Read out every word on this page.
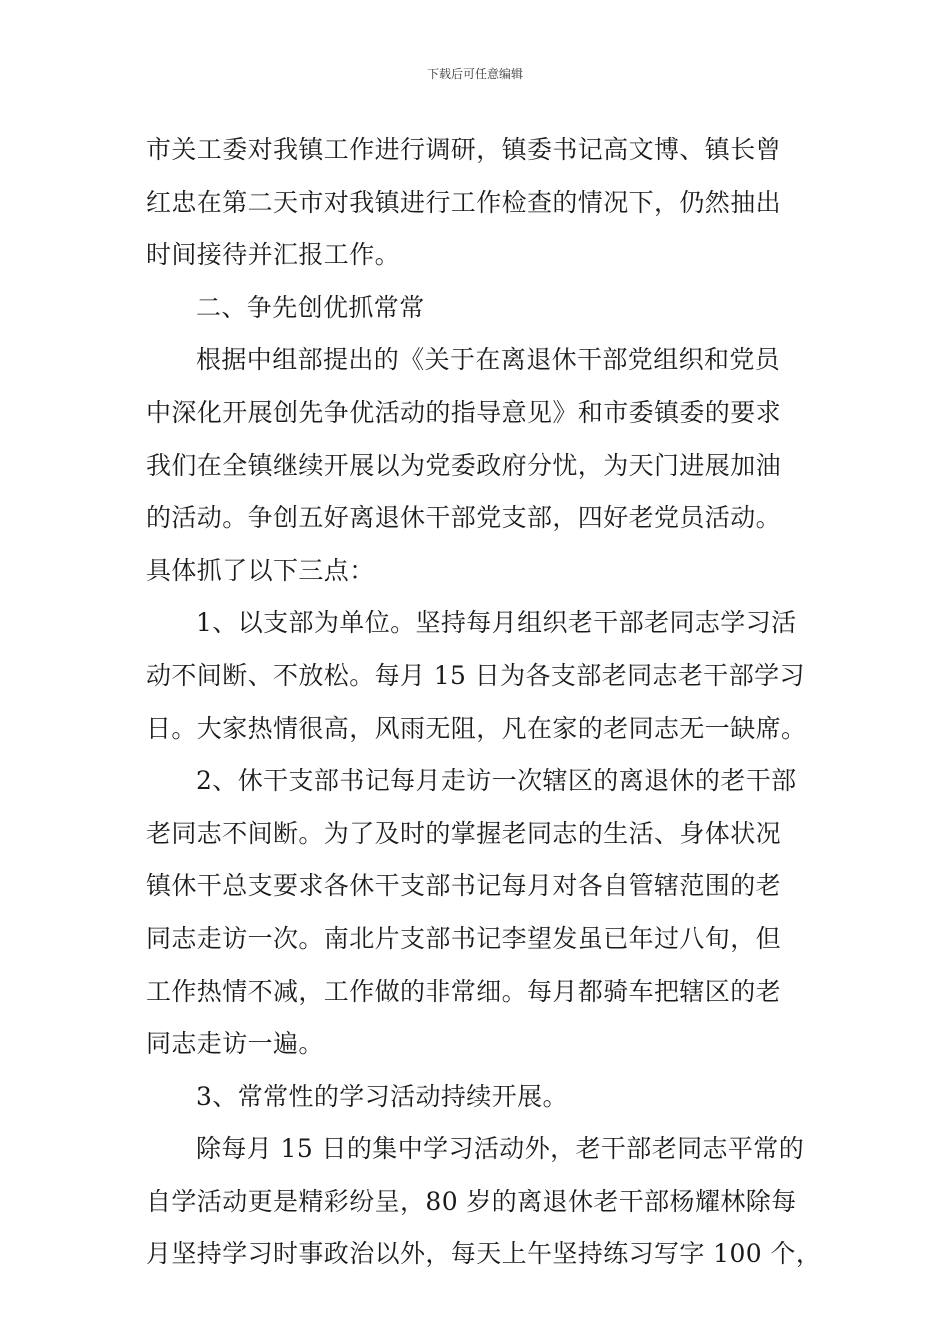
下载后可任意编辑
市关工委对我镇工作进行调研，镇委书记高文博、镇长曾
红忠在第二天市对我镇进行工作检查的情况下，仍然抽出
时间接待并汇报工作。
二、争先创优抓常常
根据中组部提出的《关于在离退休干部党组织和党员
中深化开展创先争优活动的指导意见》和市委镇委的要求
我们在全镇继续开展以为党委政府分忧，为天门进展加油
的活动。争创五好离退休干部党支部，四好老党员活动。
具体抓了以下三点：
1、以支部为单位。坚持每月组织老干部老同志学习活
动不间断、不放松。每月 15 日为各支部老同志老干部学习
日。大家热情很高，风雨无阻，凡在家的老同志无一缺席。
2、休干支部书记每月走访一次辖区的离退休的老干部
老同志不间断。为了及时的掌握老同志的生活、身体状况
镇休干总支要求各休干支部书记每月对各自管辖范围的老
同志走访一次。南北片支部书记李望发虽已年过八旬，但
工作热情不减，工作做的非常细。每月都骑车把辖区的老
同志走访一遍。
3、常常性的学习活动持续开展。
除每月 15 日的集中学习活动外，老干部老同志平常的
自学活动更是精彩纷呈，80 岁的离退休老干部杨耀林除每
月坚持学习时事政治以外，每天上午坚持练习写字 100 个，
